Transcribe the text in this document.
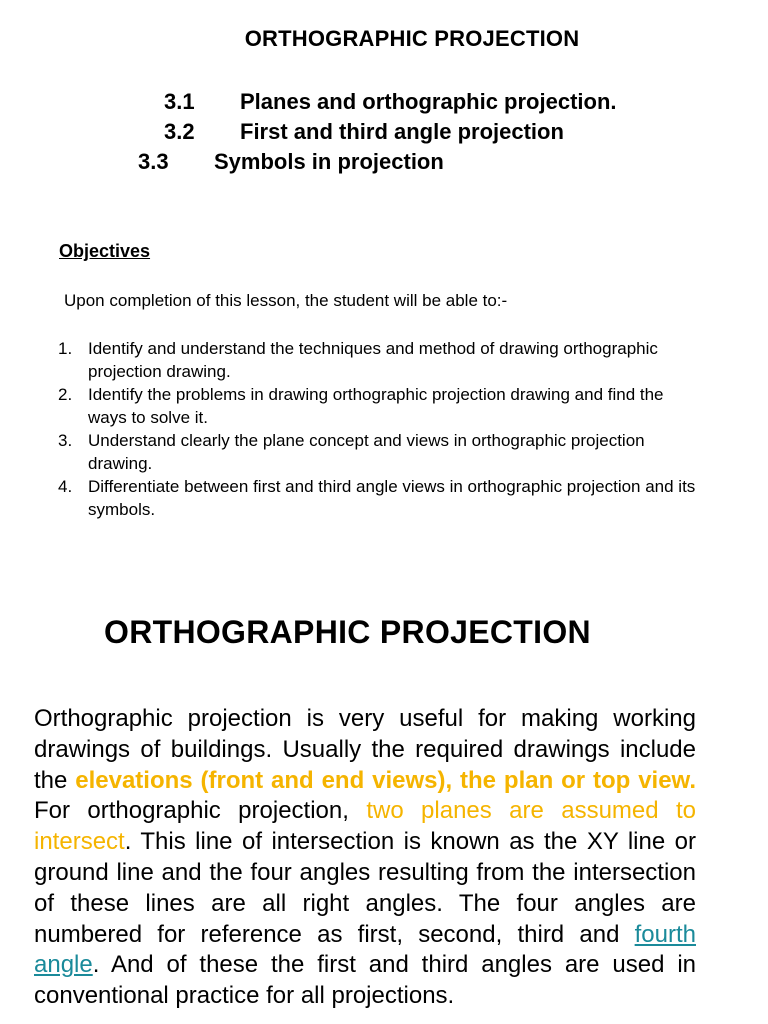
ORTHOGRAPHIC PROJECTION
3.1 Planes and orthographic projection.
3.2 First and third angle projection
3.3 Symbols in projection
Objectives
Upon completion of this lesson, the student will be able to:-
1. Identify and understand the techniques and method of drawing orthographic projection drawing.
2. Identify the problems in drawing orthographic projection drawing and find the ways to solve it.
3. Understand clearly the plane concept and views in orthographic projection drawing.
4. Differentiate between first and third angle views in orthographic projection and its symbols.
ORTHOGRAPHIC PROJECTION
Orthographic projection is very useful for making working drawings of buildings. Usually the required drawings include the elevations (front and end views), the plan or top view. For orthographic projection, two planes are assumed to intersect. This line of intersection is known as the XY line or ground line and the four angles resulting from the intersection of these lines are all right angles. The four angles are numbered for reference as first, second, third and fourth angle. And of these the first and third angles are used in conventional practice for all projections.
